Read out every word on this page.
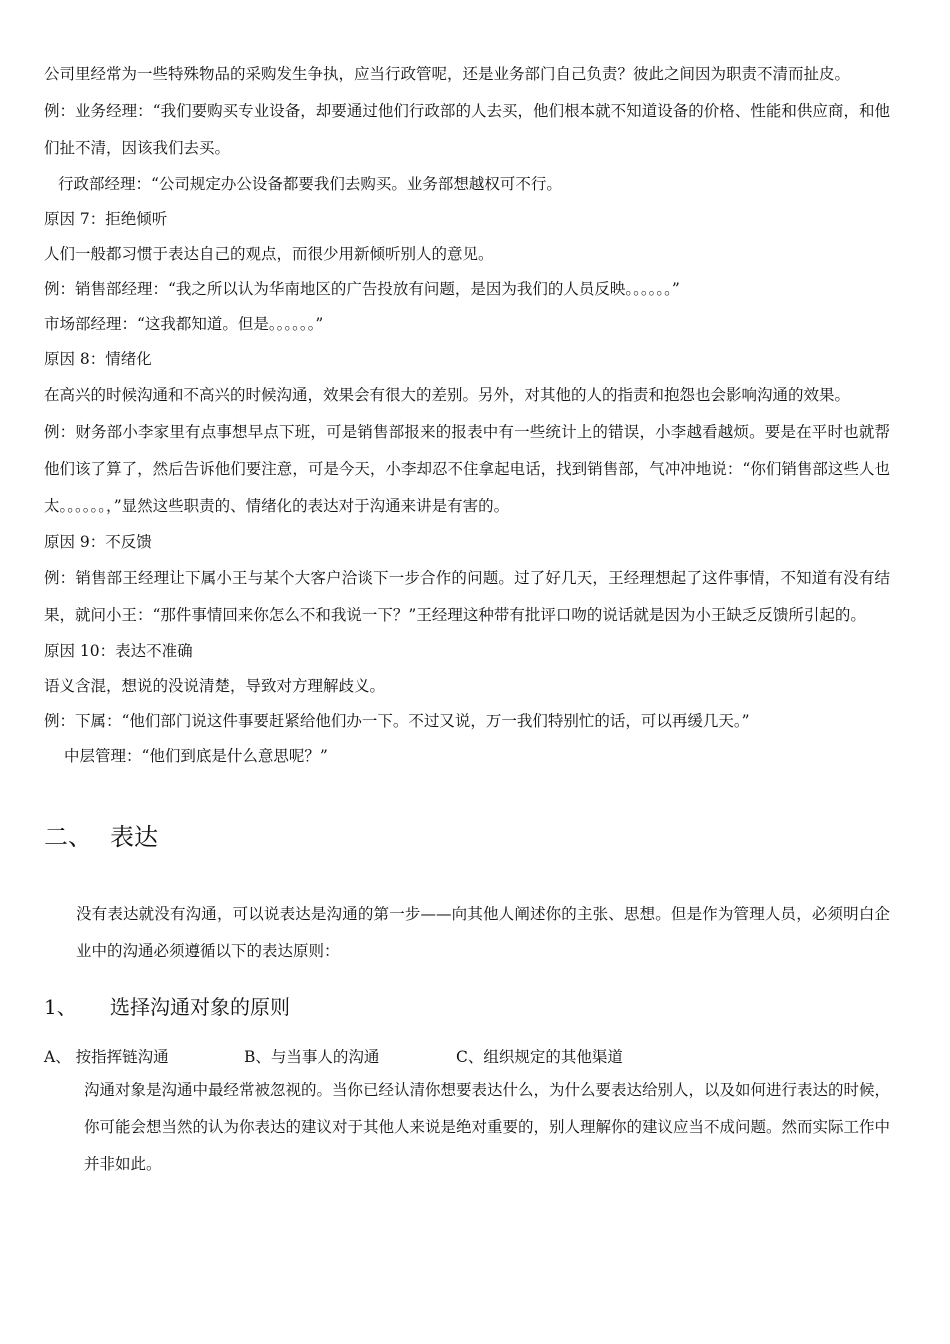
公司里经常为一些特殊物品的采购发生争执，应当行政管呢，还是业务部门自己负责？彼此之间因为职责不清而扯皮。

例：业务经理：“我们要购买专业设备，却要通过他们行政部的人去买，他们根本就不知道设备的价格、性能和供应商，和他们扯不清，因该我们去买。

行政部经理：“公司规定办公设备都要我们去购买。业务部想越权可不行。

原因 7：拒绝倾听

人们一般都习惯于表达自己的观点，而很少用新倾听别人的意见。

例：销售部经理：“我之所以认为华南地区的广告投放有问题，是因为我们的人员反映。。。。。。”

市场部经理：“这我都知道。但是。。。。。。”

原因 8：情绪化

在高兴的时候沟通和不高兴的时候沟通，效果会有很大的差别。另外，对其他的人的指责和抱怨也会影响沟通的效果。

例：财务部小李家里有点事想早点下班，可是销售部报来的报表中有一些统计上的错误，小李越看越烦。要是在平时也就帮他们该了算了，然后告诉他们要注意，可是今天，小李却忍不住拿起电话，找到销售部，气冲冲地说：“你们销售部这些人也太。。。。。。，”显然这些职责的、情绪化的表达对于沟通来讲是有害的。

原因 9：不反馈

例：销售部王经理让下属小王与某个大客户洽谈下一步合作的问题。过了好几天，王经理想起了这件事情，不知道有没有结果，就问小王：“那件事情回来你怎么不和我说一下？”王经理这种带有批评口吻的说话就是因为小王缺乏反馈所引起的。

原因 10：表达不准确

语义含混，想说的没说清楚，导致对方理解歧义。

例：下属：“他们部门说这件事要赶紧给他们办一下。不过又说，万一我们特别忙的话，可以再缓几天。”

中层管理：“他们到底是什么意思呢？”

二、 表达

没有表达就没有沟通，可以说表达是沟通的第一步——向其他人阐述你的主张、思想。但是作为管理人员，必须明白企业中的沟通必须遵循以下的表达原则：

1、	选择沟通对象的原则
A、 按指挥链沟通	B、与当事人的沟通	C、组织规定的其他渠道

沟通对象是沟通中最经常被忽视的。当你已经认清你想要表达什么，为什么要表达给别人，以及如何进行表达的时候，你可能会想当然的认为你表达的建议对于其他人来说是绝对重要的，别人理解你的建议应当不成问题。然而实际工作中并非如此。
